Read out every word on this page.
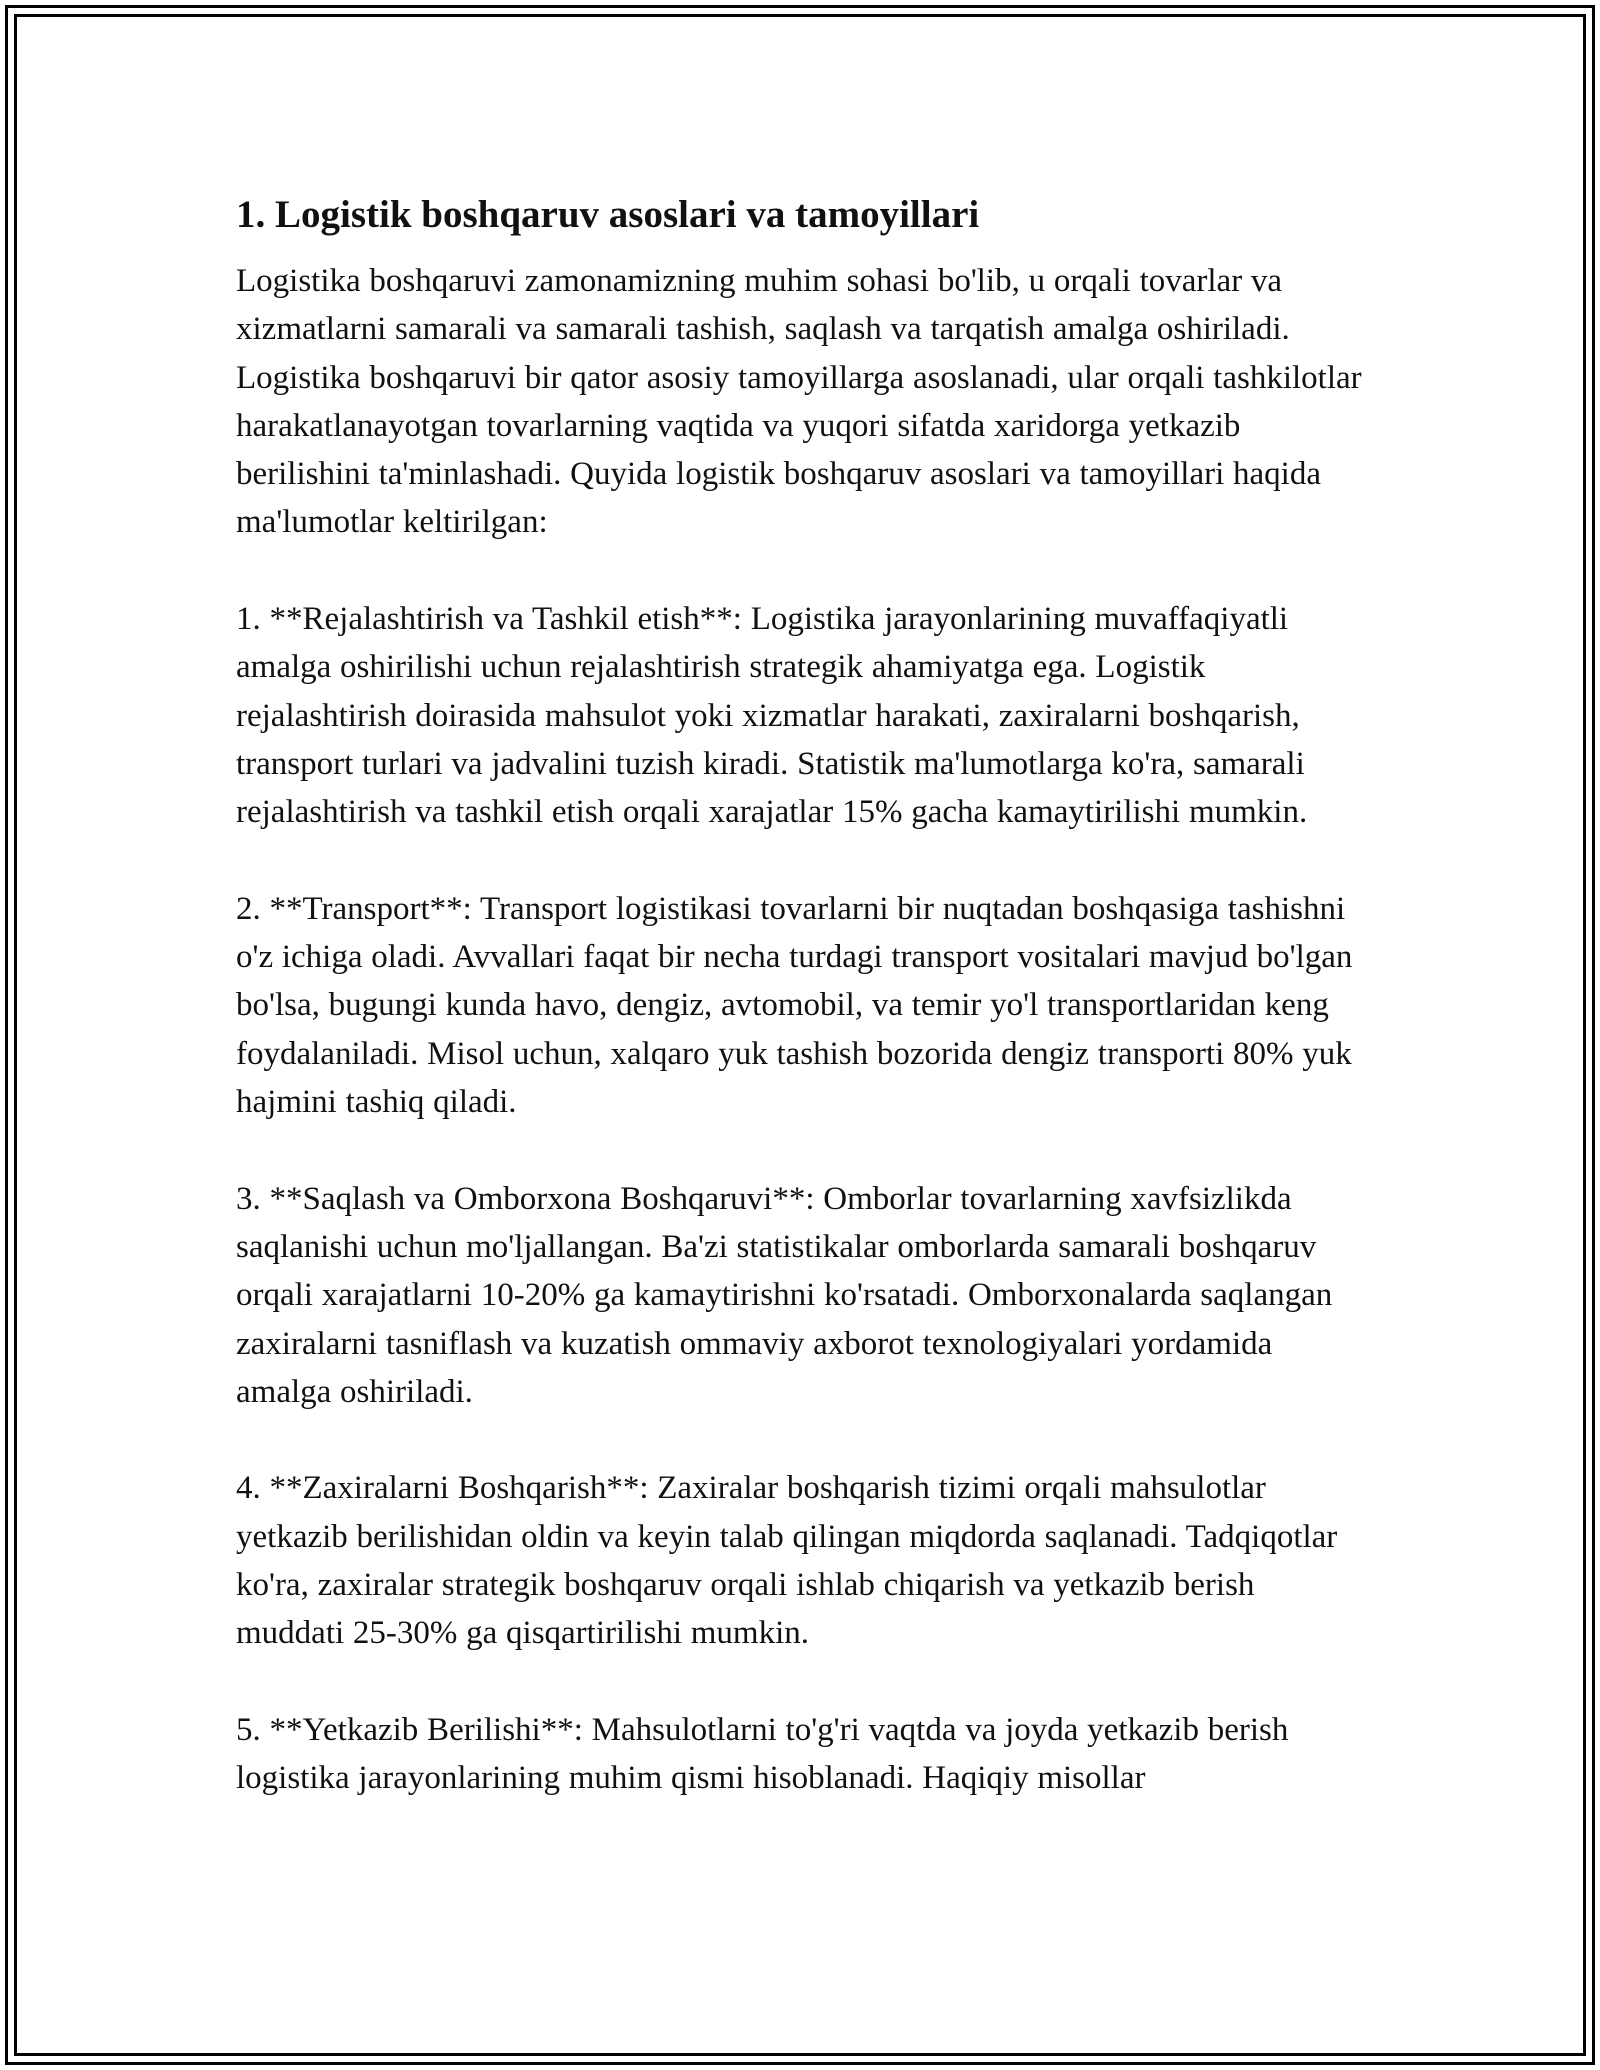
1. Logistik boshqaruv asoslari va tamoyillari

Logistika boshqaruvi zamonamizning muhim sohasi bo'lib, u orqali tovarlar va xizmatlarni samarali va samarali tashish, saqlash va tarqatish amalga oshiriladi. Logistika boshqaruvi bir qator asosiy tamoyillarga asoslanadi, ular orqali tashkilotlar harakatlanayotgan tovarlarning vaqtida va yuqori sifatda xaridorga yetkazib berilishini ta'minlashadi. Quyida logistik boshqaruv asoslari va tamoyillari haqida ma'lumotlar keltirilgan:

1. **Rejalashtirish va Tashkil etish**: Logistika jarayonlarining muvaffaqiyatli amalga oshirilishi uchun rejalashtirish strategik ahamiyatga ega. Logistik rejalashtirish doirasida mahsulot yoki xizmatlar harakati, zaxiralarni boshqarish, transport turlari va jadvalini tuzish kiradi. Statistik ma'lumotlarga ko'ra, samarali rejalashtirish va tashkil etish orqali xarajatlar 15% gacha kamaytirilishi mumkin.

2. **Transport**: Transport logistikasi tovarlarni bir nuqtadan boshqasiga tashishni o'z ichiga oladi. Avvallari faqat bir necha turdagi transport vositalari mavjud bo'lgan bo'lsa, bugungi kunda havo, dengiz, avtomobil, va temir yo'l transportlaridan keng foydalaniladi. Misol uchun, xalqaro yuk tashish bozorida dengiz transporti 80% yuk hajmini tashiq qiladi.

3. **Saqlash va Omborxona Boshqaruvi**: Omborlar tovarlarning xavfsizlikda saqlanishi uchun mo'ljallangan. Ba'zi statistikalar omborlarda samarali boshqaruv orqali xarajatlarni 10-20% ga kamaytirishni ko'rsatadi. Omborxonalarda saqlangan zaxiralarni tasniflash va kuzatish ommaviy axborot texnologiyalari yordamida amalga oshiriladi.

4. **Zaxiralarni Boshqarish**: Zaxiralar boshqarish tizimi orqali mahsulotlar yetkazib berilishidan oldin va keyin talab qilingan miqdorda saqlanadi. Tadqiqotlar ko'ra, zaxiralar strategik boshqaruv orqali ishlab chiqarish va yetkazib berish muddati 25-30% ga qisqartirilishi mumkin.

5. **Yetkazib Berilishi**: Mahsulotlarni to'g'ri vaqtda va joyda yetkazib berish logistika jarayonlarining muhim qismi hisoblanadi. Haqiqiy misollar
